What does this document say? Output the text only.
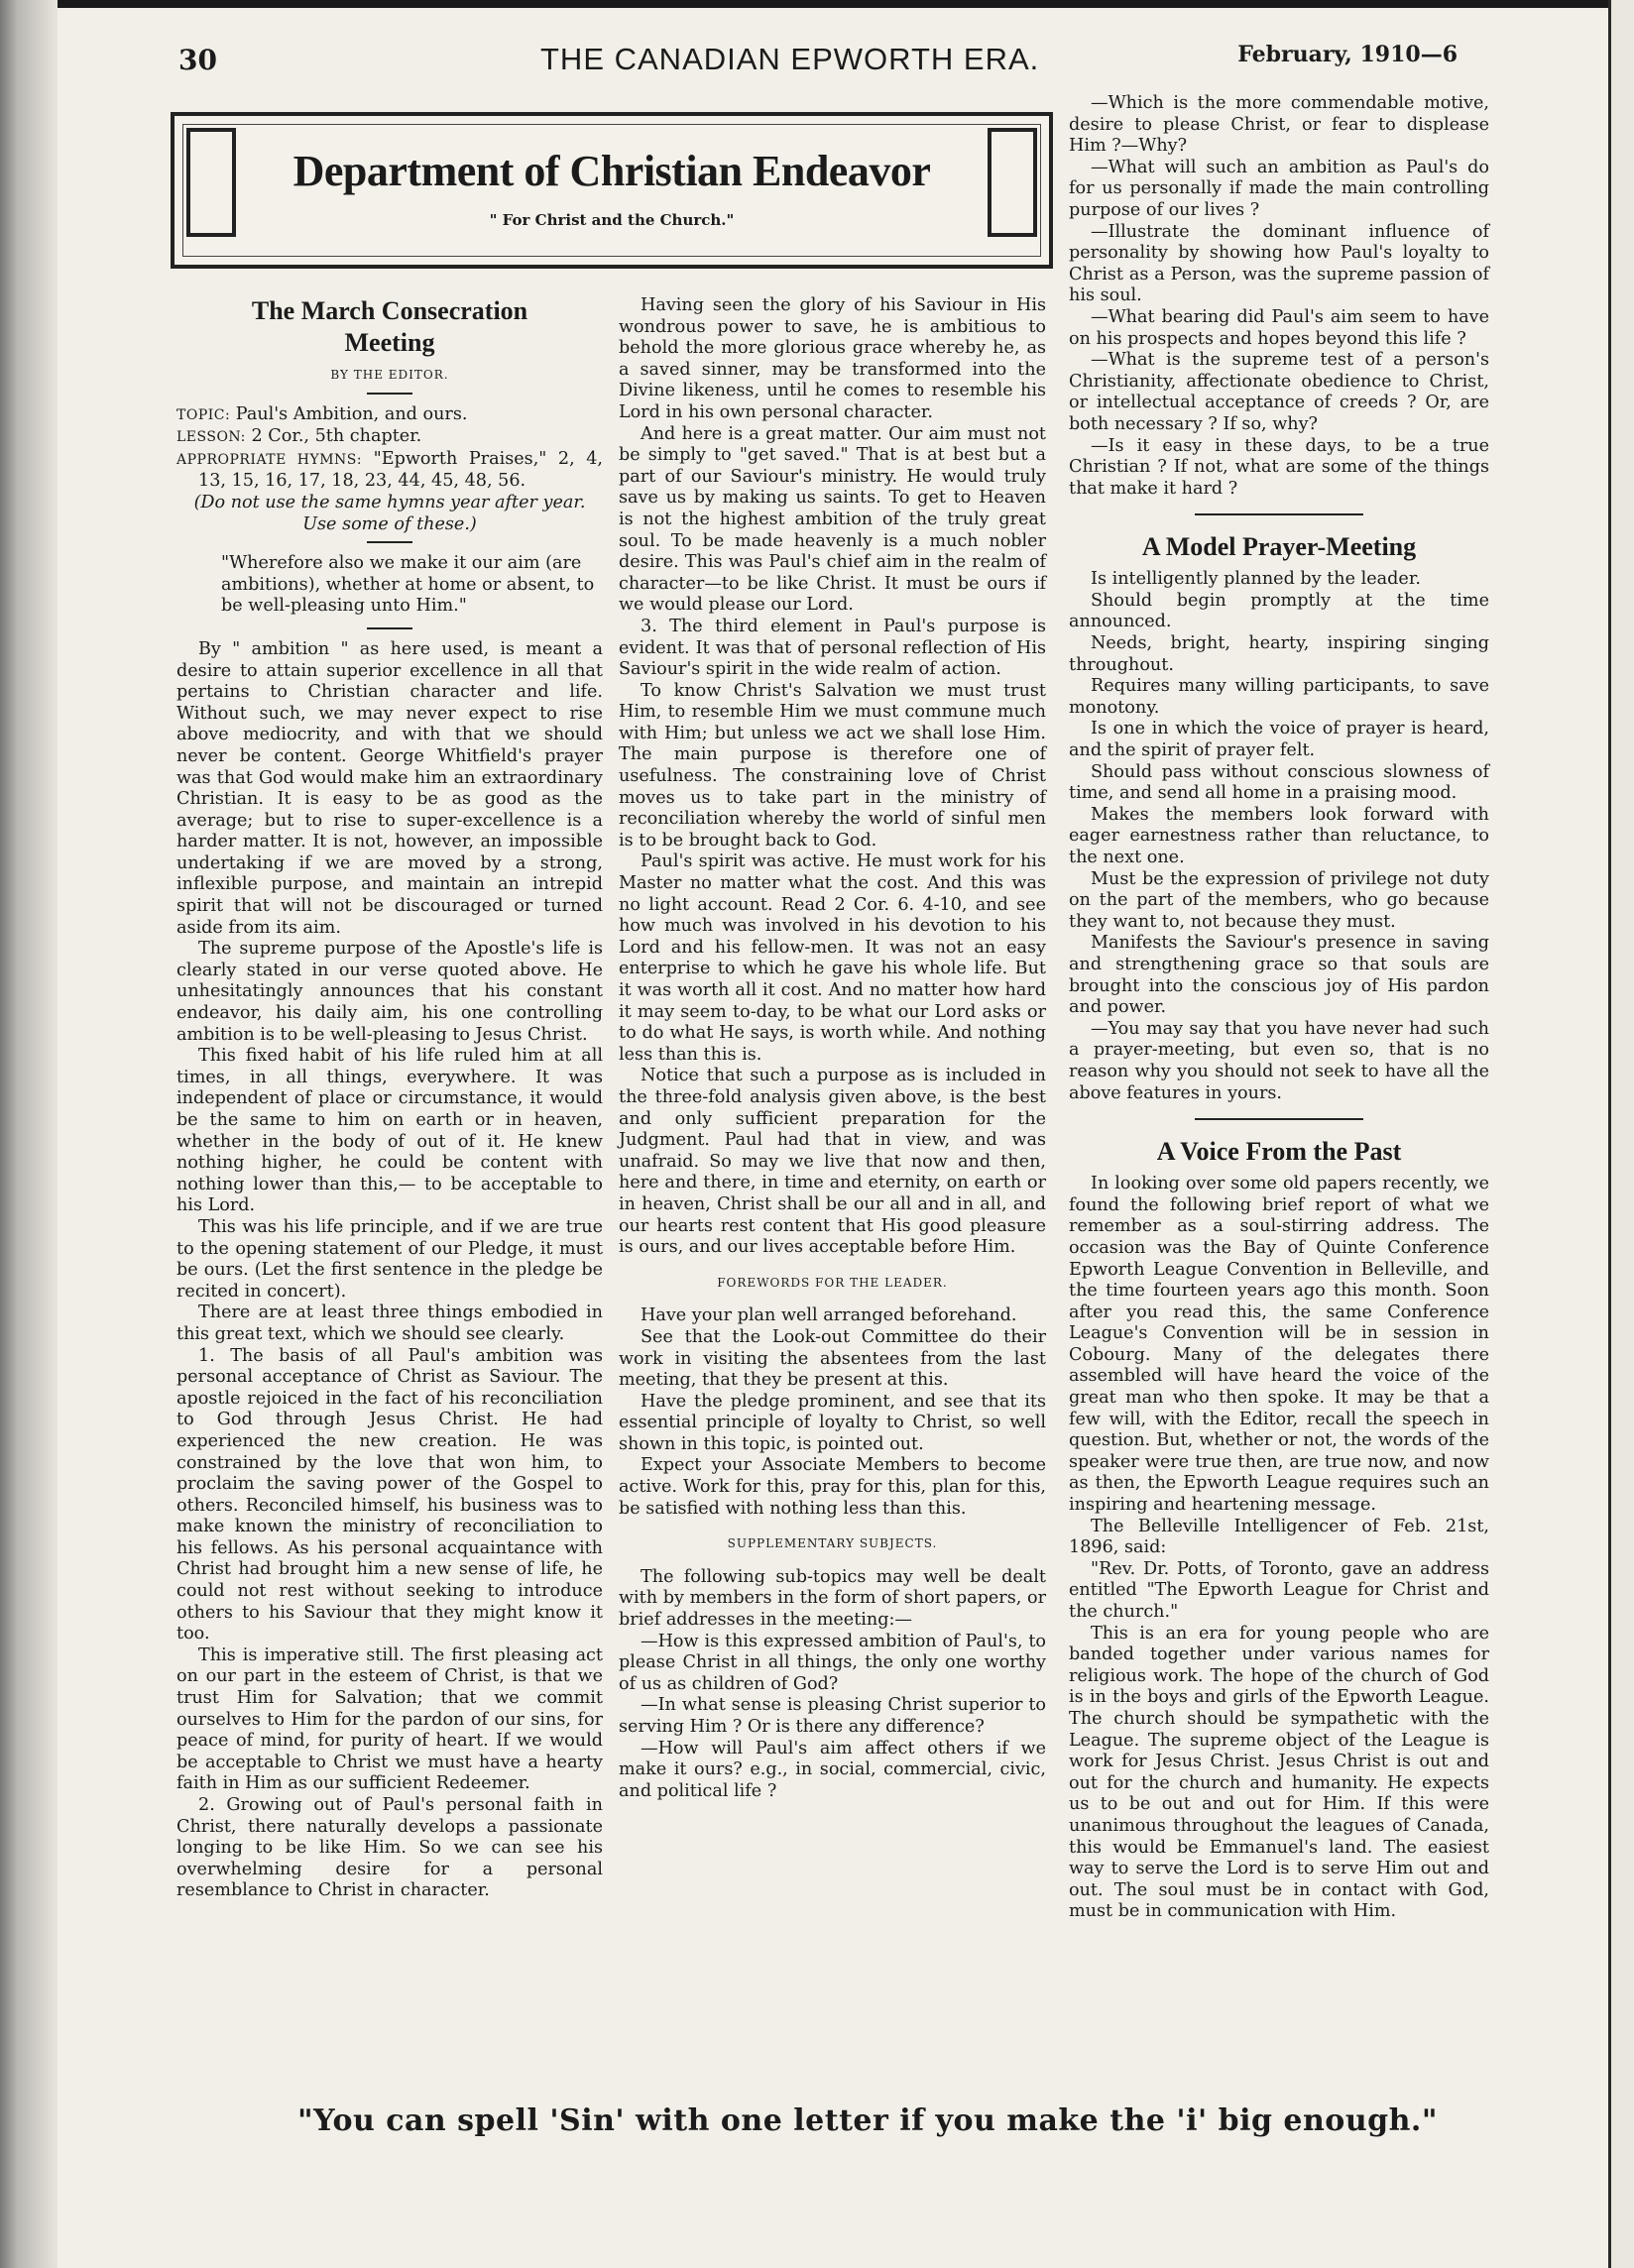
30	THE CANADIAN EPWORTH ERA.	February, 1910—6
Department of Christian Endeavor
" For Christ and the Church."
The March Consecration
Meeting
BY THE EDITOR.

TOPIC: Paul's Ambition, and ours.

LESSON: 2 Cor., 5th chapter.

APPROPRIATE HYMNS: "Epworth Praises," 2, 4, 13, 15, 16, 17, 18, 23, 44, 45, 48, 56.

(Do not use the same hymns year after year. Use some of these.)

"Wherefore also we make it our aim (are ambitions), whether at home or absent, to be well-pleasing unto Him."

By " ambition " as here used, is meant a desire to attain superior excellence in all that pertains to Christian character and life. Without such, we may never expect to rise above mediocrity, and with that we should never be content. George Whitfield's prayer was that God would make him an extraordinary Christian. It is easy to be as good as the average; but to rise to super-excellence is a harder matter. It is not, however, an impossible undertaking if we are moved by a strong, inflexible purpose, and maintain an intrepid spirit that will not be discouraged or turned aside from its aim.

The supreme purpose of the Apostle's life is clearly stated in our verse quoted above. He unhesitatingly announces that his constant endeavor, his daily aim, his one controlling ambition is to be well-pleasing to Jesus Christ.

This fixed habit of his life ruled him at all times, in all things, everywhere. It was independent of place or circumstance, it would be the same to him on earth or in heaven, whether in the body of out of it. He knew nothing higher, he could be content with nothing lower than this,— to be acceptable to his Lord.

This was his life principle, and if we are true to the opening statement of our Pledge, it must be ours. (Let the first sentence in the pledge be recited in concert).

There are at least three things embodied in this great text, which we should see clearly.

1. The basis of all Paul's ambition was personal acceptance of Christ as Saviour. The apostle rejoiced in the fact of his reconciliation to God through Jesus Christ. He had experienced the new creation. He was constrained by the love that won him, to proclaim the saving power of the Gospel to others. Reconciled himself, his business was to make known the ministry of reconciliation to his fellows. As his personal acquaintance with Christ had brought him a new sense of life, he could not rest without seeking to introduce others to his Saviour that they might know it too.

This is imperative still. The first pleasing act on our part in the esteem of Christ, is that we trust Him for Salvation; that we commit ourselves to Him for the pardon of our sins, for peace of mind, for purity of heart. If we would be acceptable to Christ we must have a hearty faith in Him as our sufficient Redeemer.

2. Growing out of Paul's personal faith in Christ, there naturally develops a passionate longing to be like Him. So we can see his overwhelming desire for a personal resemblance to Christ in character.

Having seen the glory of his Saviour in His wondrous power to save, he is ambitious to behold the more glorious grace whereby he, as a saved sinner, may be transformed into the Divine likeness, until he comes to resemble his Lord in his own personal character.

And here is a great matter. Our aim must not be simply to "get saved." That is at best but a part of our Saviour's ministry. He would truly save us by making us saints. To get to Heaven is not the highest ambition of the truly great soul. To be made heavenly is a much nobler desire. This was Paul's chief aim in the realm of character—to be like Christ. It must be ours if we would please our Lord.

3. The third element in Paul's purpose is evident. It was that of personal reflection of His Saviour's spirit in the wide realm of action.

To know Christ's Salvation we must trust Him, to resemble Him we must commune much with Him; but unless we act we shall lose Him. The main purpose is therefore one of usefulness. The constraining love of Christ moves us to take part in the ministry of reconciliation whereby the world of sinful men is to be brought back to God.

Paul's spirit was active. He must work for his Master no matter what the cost. And this was no light account. Read 2 Cor. 6. 4-10, and see how much was involved in his devotion to his Lord and his fellow-men. It was not an easy enterprise to which he gave his whole life. But it was worth all it cost. And no matter how hard it may seem to-day, to be what our Lord asks or to do what He says, is worth while. And nothing less than this is.

Notice that such a purpose as is included in the three-fold analysis given above, is the best and only sufficient preparation for the Judgment. Paul had that in view, and was unafraid. So may we live that now and then, here and there, in time and eternity, on earth or in heaven, Christ shall be our all and in all, and our hearts rest content that His good pleasure is ours, and our lives acceptable before Him.

FOREWORDS FOR THE LEADER.

Have your plan well arranged beforehand.

See that the Look-out Committee do their work in visiting the absentees from the last meeting, that they be present at this.

Have the pledge prominent, and see that its essential principle of loyalty to Christ, so well shown in this topic, is pointed out.

Expect your Associate Members to become active. Work for this, pray for this, plan for this, be satisfied with nothing less than this.

SUPPLEMENTARY SUBJECTS.

The following sub-topics may well be dealt with by members in the form of short papers, or brief addresses in the meeting:—

—How is this expressed ambition of Paul's, to please Christ in all things, the only one worthy of us as children of God?

—In what sense is pleasing Christ superior to serving Him ? Or is there any difference?

—How will Paul's aim affect others if we make it ours? e.g., in social, commercial, civic, and political life ?

—Which is the more commendable motive, desire to please Christ, or fear to displease Him ?—Why?

—What will such an ambition as Paul's do for us personally if made the main controlling purpose of our lives ?

—Illustrate the dominant influence of personality by showing how Paul's loyalty to Christ as a Person, was the supreme passion of his soul.

—What bearing did Paul's aim seem to have on his prospects and hopes beyond this life ?

—What is the supreme test of a person's Christianity, affectionate obedience to Christ, or intellectual acceptance of creeds ? Or, are both necessary ? If so, why?

—Is it easy in these days, to be a true Christian ? If not, what are some of the things that make it hard ?

A Model Prayer-Meeting

Is intelligently planned by the leader.

Should begin promptly at the time announced.

Needs, bright, hearty, inspiring singing throughout.

Requires many willing participants, to save monotony.

Is one in which the voice of prayer is heard, and the spirit of prayer felt.

Should pass without conscious slowness of time, and send all home in a praising mood.

Makes the members look forward with eager earnestness rather than reluctance, to the next one.

Must be the expression of privilege not duty on the part of the members, who go because they want to, not because they must.

Manifests the Saviour's presence in saving and strengthening grace so that souls are brought into the conscious joy of His pardon and power.

—You may say that you have never had such a prayer-meeting, but even so, that is no reason why you should not seek to have all the above features in yours.

A Voice From the Past

In looking over some old papers recently, we found the following brief report of what we remember as a soul-stirring address. The occasion was the Bay of Quinte Conference Epworth League Convention in Belleville, and the time fourteen years ago this month. Soon after you read this, the same Conference League's Convention will be in session in Cobourg. Many of the delegates there assembled will have heard the voice of the great man who then spoke. It may be that a few will, with the Editor, recall the speech in question. But, whether or not, the words of the speaker were true then, are true now, and now as then, the Epworth League requires such an inspiring and heartening message.

The Belleville Intelligencer of Feb. 21st, 1896, said:

"Rev. Dr. Potts, of Toronto, gave an address entitled "The Epworth League for Christ and the church."

This is an era for young people who are banded together under various names for religious work. The hope of the church of God is in the boys and girls of the Epworth League. The church should be sympathetic with the League. The supreme object of the League is work for Jesus Christ. Jesus Christ is out and out for the church and humanity. He expects us to be out and out for Him. If this were unanimous throughout the leagues of Canada, this would be Emmanuel's land. The easiest way to serve the Lord is to serve Him out and out. The soul must be in contact with God, must be in communication with Him.

"You can spell 'Sin' with one letter if you make the 'i' big enough."
